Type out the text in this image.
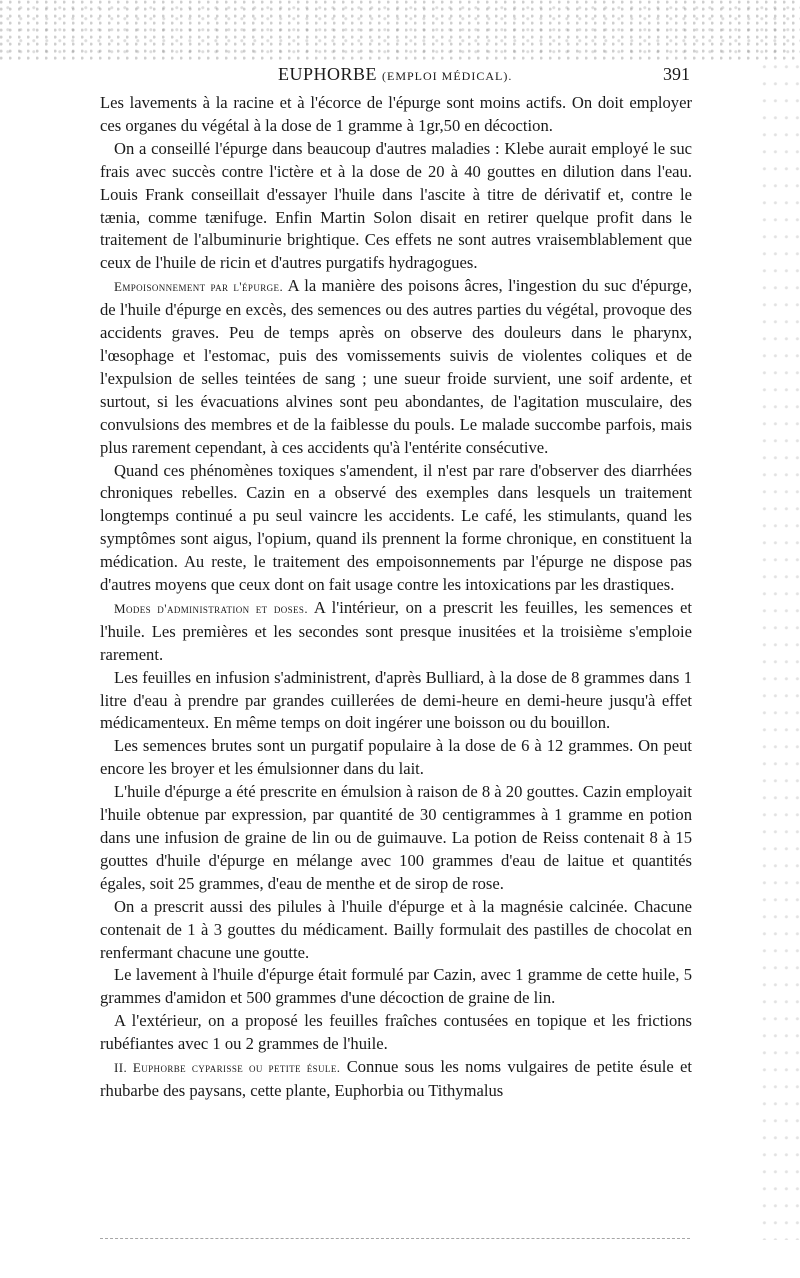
EUPHORBE (EMPLOI MÉDICAL).	391

Les lavements à la racine et à l'écorce de l'épurge sont moins actifs. On doit employer ces organes du végétal à la dose de 1 gramme à 1gr,50 en décoction.

On a conseillé l'épurge dans beaucoup d'autres maladies : Klebe aurait employé le suc frais avec succès contre l'ictère et à la dose de 20 à 40 gouttes en dilution dans l'eau. Louis Frank conseillait d'essayer l'huile dans l'ascite à titre de dérivatif et, contre le tænia, comme tænifuge. Enfin Martin Solon disait en retirer quelque profit dans le traitement de l'albuminurie brightique. Ces effets ne sont autres vraisemblablement que ceux de l'huile de ricin et d'autres purgatifs hydragogues.

Empoisonnement par l'épurge. A la manière des poisons âcres, l'ingestion du suc d'épurge, de l'huile d'épurge en excès, des semences ou des autres parties du végétal, provoque des accidents graves. Peu de temps après on observe des douleurs dans le pharynx, l'œsophage et l'estomac, puis des vomissements suivis de violentes coliques et de l'expulsion de selles teintées de sang ; une sueur froide survient, une soif ardente, et surtout, si les évacuations alvines sont peu abondantes, de l'agitation musculaire, des convulsions des membres et de la faiblesse du pouls. Le malade succombe parfois, mais plus rarement cependant, à ces accidents qu'à l'entérite consécutive.

Quand ces phénomènes toxiques s'amendent, il n'est par rare d'observer des diarrhées chroniques rebelles. Cazin en a observé des exemples dans lesquels un traitement longtemps continué a pu seul vaincre les accidents. Le café, les stimulants, quand les symptômes sont aigus, l'opium, quand ils prennent la forme chronique, en constituent la médication. Au reste, le traitement des empoisonnements par l'épurge ne dispose pas d'autres moyens que ceux dont on fait usage contre les intoxications par les drastiques.

Modes d'administration et doses. A l'intérieur, on a prescrit les feuilles, les semences et l'huile. Les premières et les secondes sont presque inusitées et la troisième s'emploie rarement.

Les feuilles en infusion s'administrent, d'après Bulliard, à la dose de 8 grammes dans 1 litre d'eau à prendre par grandes cuillerées de demi-heure en demi-heure jusqu'à effet médicamenteux. En même temps on doit ingérer une boisson ou du bouillon.

Les semences brutes sont un purgatif populaire à la dose de 6 à 12 grammes. On peut encore les broyer et les émulsionner dans du lait.

L'huile d'épurge a été prescrite en émulsion à raison de 8 à 20 gouttes. Cazin employait l'huile obtenue par expression, par quantité de 30 centigrammes à 1 gramme en potion dans une infusion de graine de lin ou de guimauve. La potion de Reiss contenait 8 à 15 gouttes d'huile d'épurge en mélange avec 100 grammes d'eau de laitue et quantités égales, soit 25 grammes, d'eau de menthe et de sirop de rose.

On a prescrit aussi des pilules à l'huile d'épurge et à la magnésie calcinée. Chacune contenait de 1 à 3 gouttes du médicament. Bailly formulait des pastilles de chocolat en renfermant chacune une goutte.

Le lavement à l'huile d'épurge était formulé par Cazin, avec 1 gramme de cette huile, 5 grammes d'amidon et 500 grammes d'une décoction de graine de lin.

A l'extérieur, on a proposé les feuilles fraîches contusées en topique et les frictions rubéfiantes avec 1 ou 2 grammes de l'huile.

II. Euphorbe cyparisse ou petite ésule. Connue sous les noms vulgaires de petite ésule et rhubarbe des paysans, cette plante, Euphorbia ou Tithymalus
